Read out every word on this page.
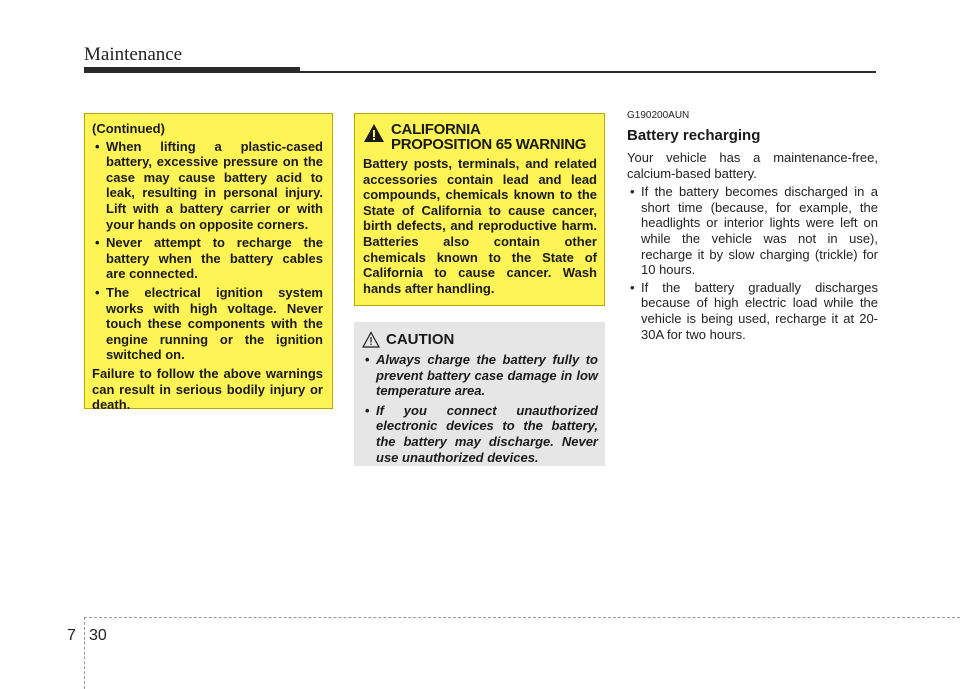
Maintenance
(Continued)
• When lifting a plastic-cased battery, excessive pressure on the case may cause battery acid to leak, resulting in personal injury. Lift with a battery carrier or with your hands on opposite corners.
• Never attempt to recharge the battery when the battery cables are connected.
• The electrical ignition system works with high voltage. Never touch these components with the engine running or the ignition switched on.
Failure to follow the above warnings can result in serious bodily injury or death.
CALIFORNIA
PROPOSITION 65 WARNING
Battery posts, terminals, and related accessories contain lead and lead compounds, chemicals known to the State of California to cause cancer, birth defects, and reproductive harm. Batteries also contain other chemicals known to the State of California to cause cancer. Wash hands after handling.
CAUTION
• Always charge the battery fully to prevent battery case damage in low temperature area.
• If you connect unauthorized electronic devices to the battery, the battery may discharge. Never use unauthorized devices.
G190200AUN
Battery recharging
Your vehicle has a maintenance-free, calcium-based battery.
• If the battery becomes discharged in a short time (because, for example, the headlights or interior lights were left on while the vehicle was not in use), recharge it by slow charging (trickle) for 10 hours.
• If the battery gradually discharges because of high electric load while the vehicle is being used, recharge it at 20-30A for two hours.
7 30
